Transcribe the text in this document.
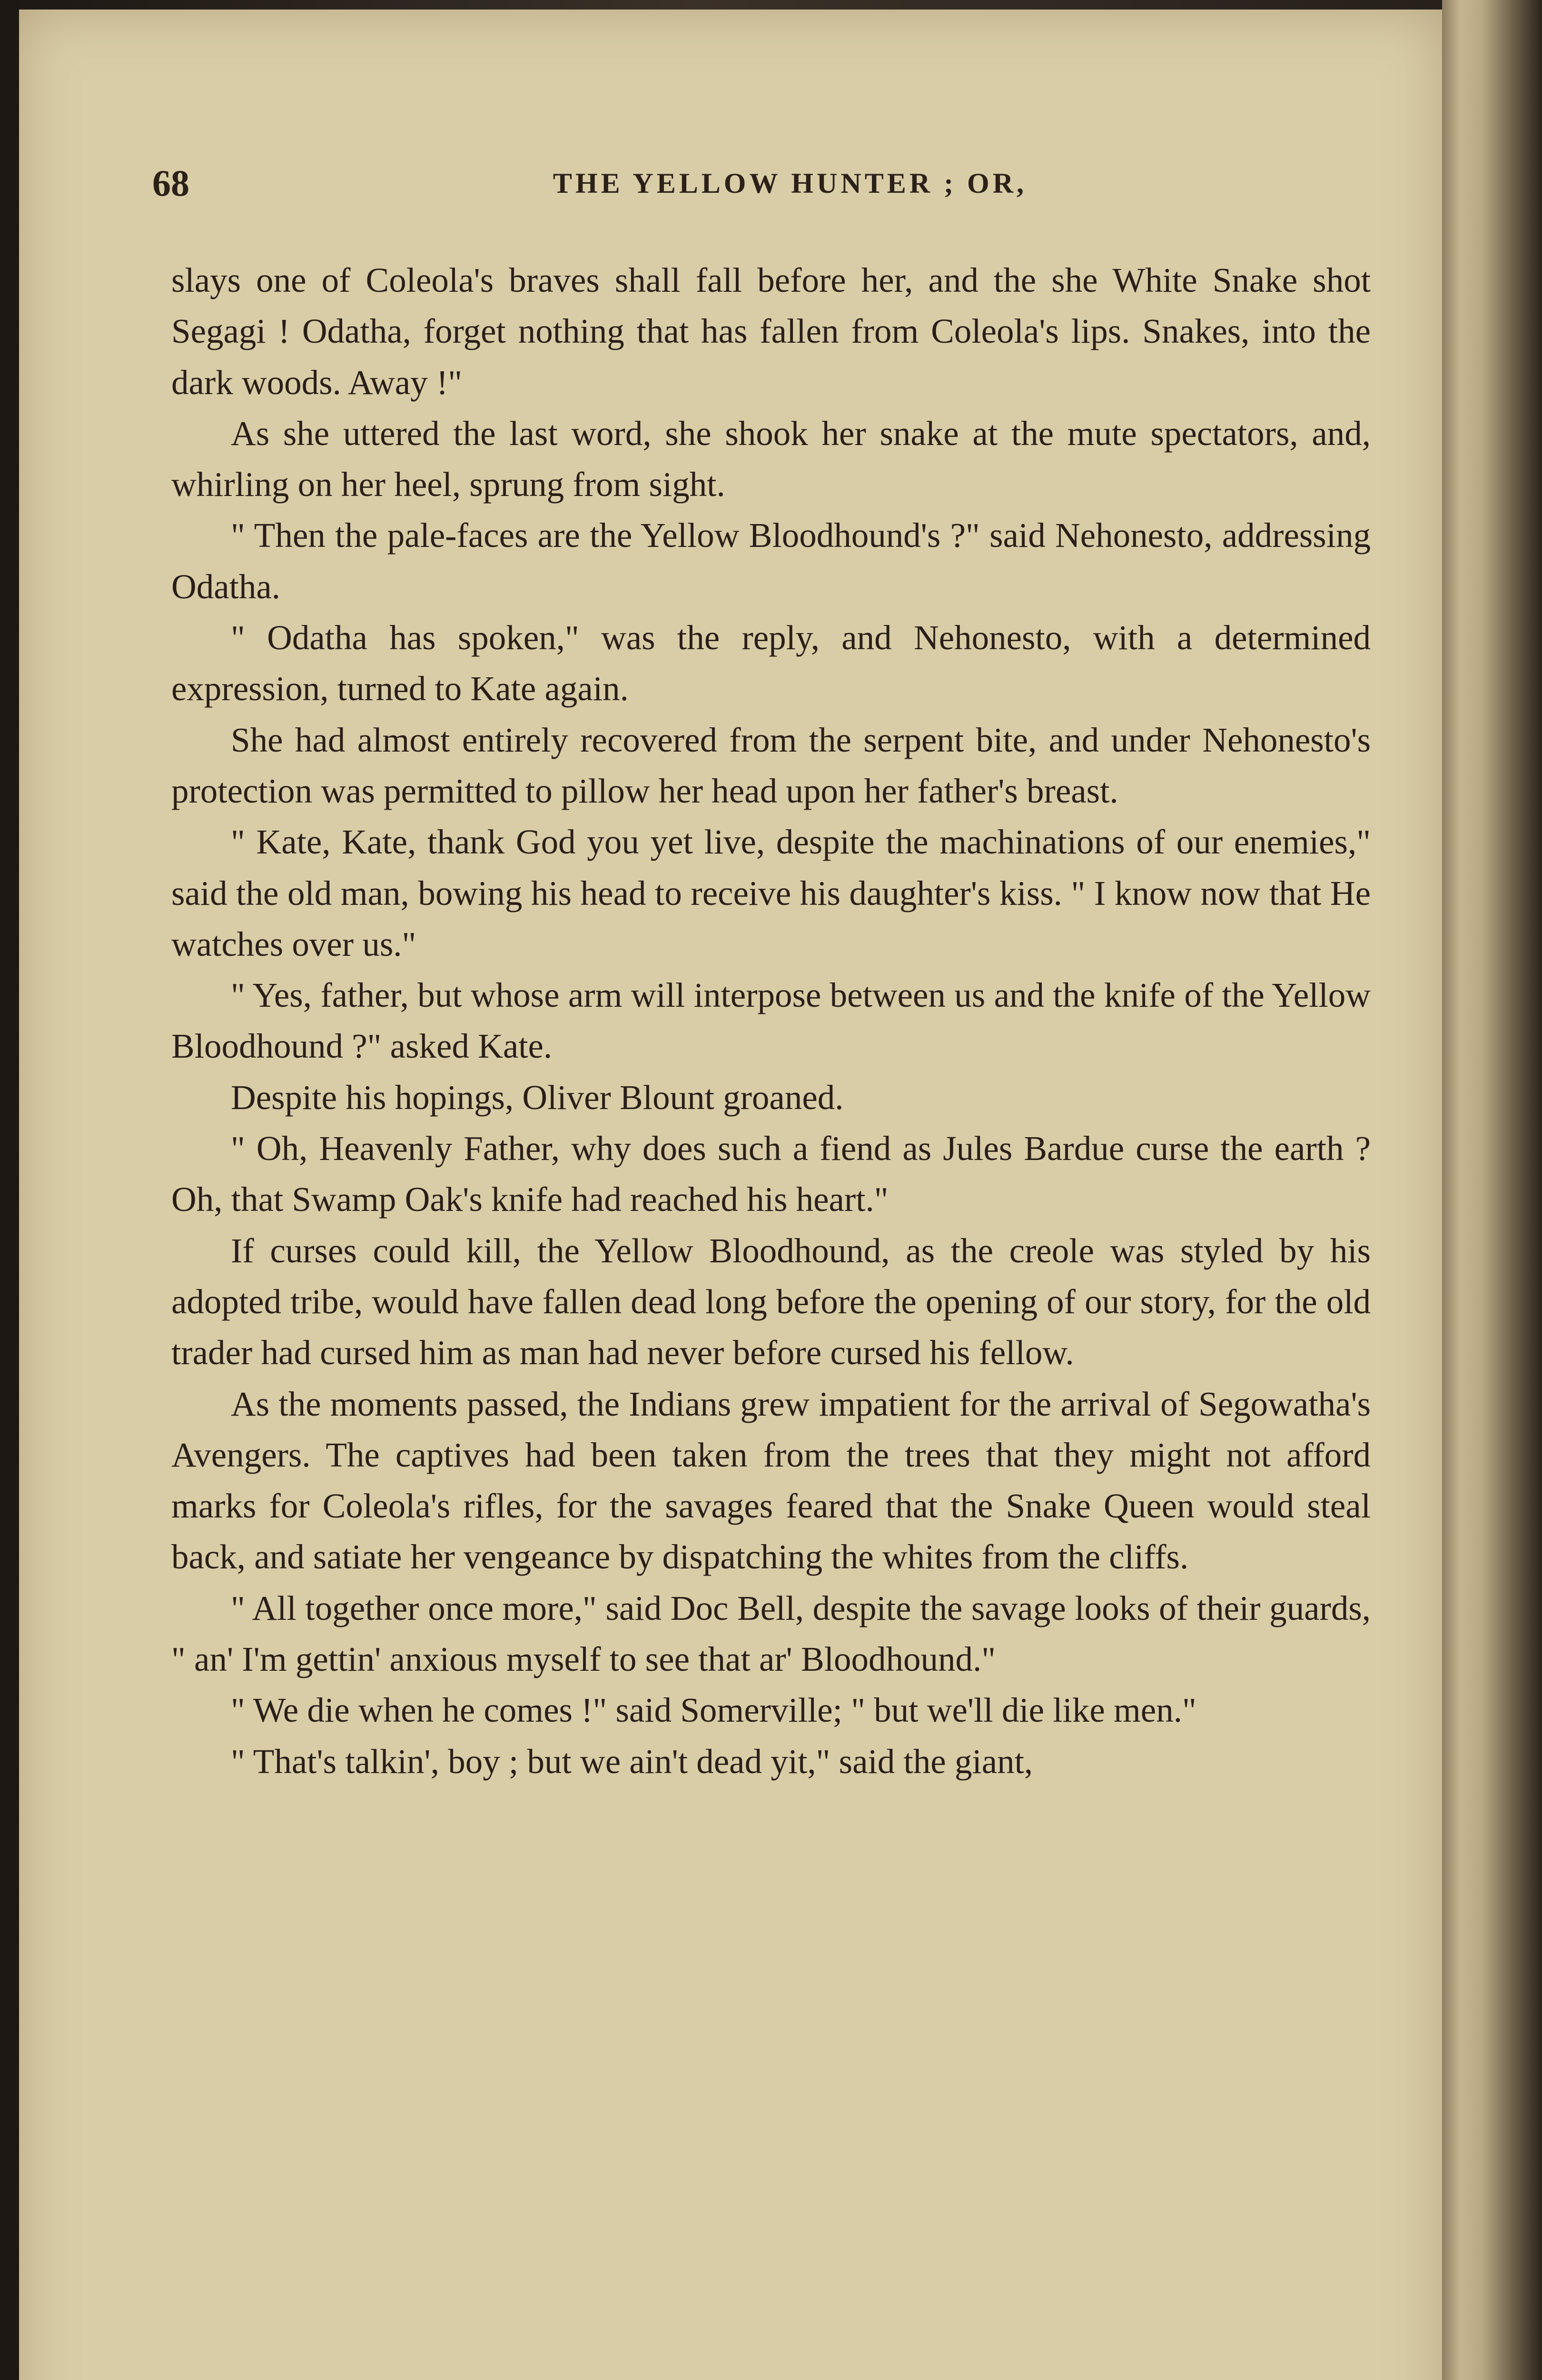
68	THE YELLOW HUNTER ; OR,

slays one of Coleola's braves shall fall before her, and the she White Snake shot Segagi ! Odatha, forget nothing that has fallen from Coleola's lips. Snakes, into the dark woods. Away !"

As she uttered the last word, she shook her snake at the mute spectators, and, whirling on her heel, sprung from sight.

" Then the pale-faces are the Yellow Bloodhound's ?" said Nehonesto, addressing Odatha.

" Odatha has spoken," was the reply, and Nehonesto, with a determined expression, turned to Kate again.

She had almost entirely recovered from the serpent bite, and under Nehonesto's protection was permitted to pillow her head upon her father's breast.

" Kate, Kate, thank God you yet live, despite the machinations of our enemies," said the old man, bowing his head to receive his daughter's kiss. " I know now that He watches over us."

" Yes, father, but whose arm will interpose between us and the knife of the Yellow Bloodhound ?" asked Kate.

Despite his hopings, Oliver Blount groaned.

" Oh, Heavenly Father, why does such a fiend as Jules Bardue curse the earth ? Oh, that Swamp Oak's knife had reached his heart."

If curses could kill, the Yellow Bloodhound, as the creole was styled by his adopted tribe, would have fallen dead long before the opening of our story, for the old trader had cursed him as man had never before cursed his fellow.

As the moments passed, the Indians grew impatient for the arrival of Segowatha's Avengers. The captives had been taken from the trees that they might not afford marks for Coleola's rifles, for the savages feared that the Snake Queen would steal back, and satiate her vengeance by dispatching the whites from the cliffs.

" All together once more," said Doc Bell, despite the savage looks of their guards, " an' I'm gettin' anxious myself to see that ar' Bloodhound."

" We die when he comes !" said Somerville; " but we'll die like men."

" That's talkin', boy ; but we ain't dead yit," said the giant,
